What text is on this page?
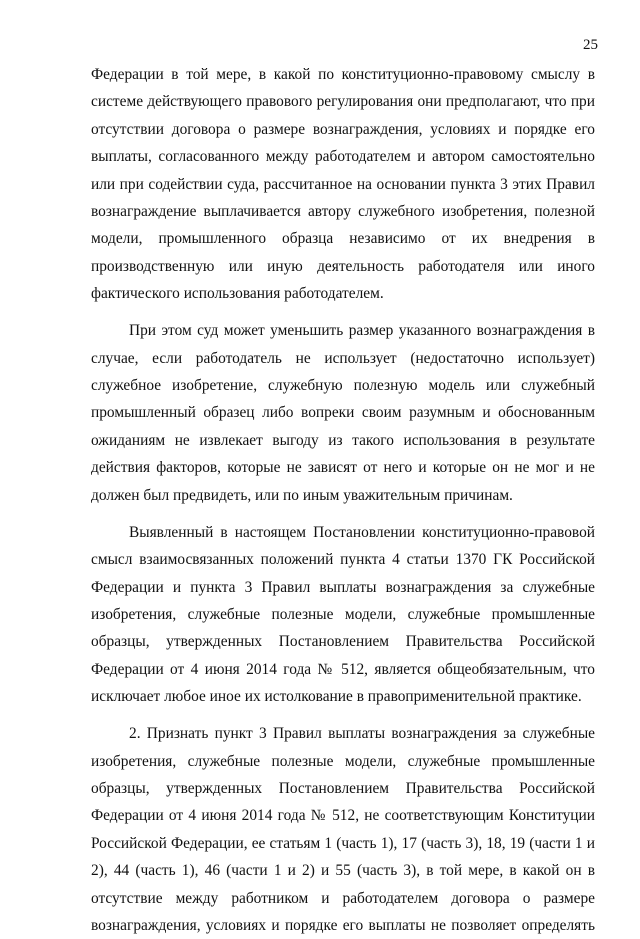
25

Федерации в той мере, в какой по конституционно-правовому смыслу в системе действующего правового регулирования они предполагают, что при отсутствии договора о размере вознаграждения, условиях и порядке его выплаты, согласованного между работодателем и автором самостоятельно или при содействии суда, рассчитанное на основании пункта 3 этих Правил вознаграждение выплачивается автору служебного изобретения, полезной модели, промышленного образца независимо от их внедрения в производственную или иную деятельность работодателя или иного фактического использования работодателем.

При этом суд может уменьшить размер указанного вознаграждения в случае, если работодатель не использует (недостаточно использует) служебное изобретение, служебную полезную модель или служебный промышленный образец либо вопреки своим разумным и обоснованным ожиданиям не извлекает выгоду из такого использования в результате действия факторов, которые не зависят от него и которые он не мог и не должен был предвидеть, или по иным уважительным причинам.

Выявленный в настоящем Постановлении конституционно-правовой смысл взаимосвязанных положений пункта 4 статьи 1370 ГК Российской Федерации и пункта 3 Правил выплаты вознаграждения за служебные изобретения, служебные полезные модели, служебные промышленные образцы, утвержденных Постановлением Правительства Российской Федерации от 4 июня 2014 года № 512, является общеобязательным, что исключает любое иное их истолкование в правоприменительной практике.

2. Признать пункт 3 Правил выплаты вознаграждения за служебные изобретения, служебные полезные модели, служебные промышленные образцы, утвержденных Постановлением Правительства Российской Федерации от 4 июня 2014 года № 512, не соответствующим Конституции Российской Федерации, ее статьям 1 (часть 1), 17 (часть 3), 18, 19 (части 1 и 2), 44 (часть 1), 46 (части 1 и 2) и 55 (часть 3), в той мере, в какой он в отсутствие между работником и работодателем договора о размере вознаграждения, условиях и порядке его выплаты не позволяет определять
